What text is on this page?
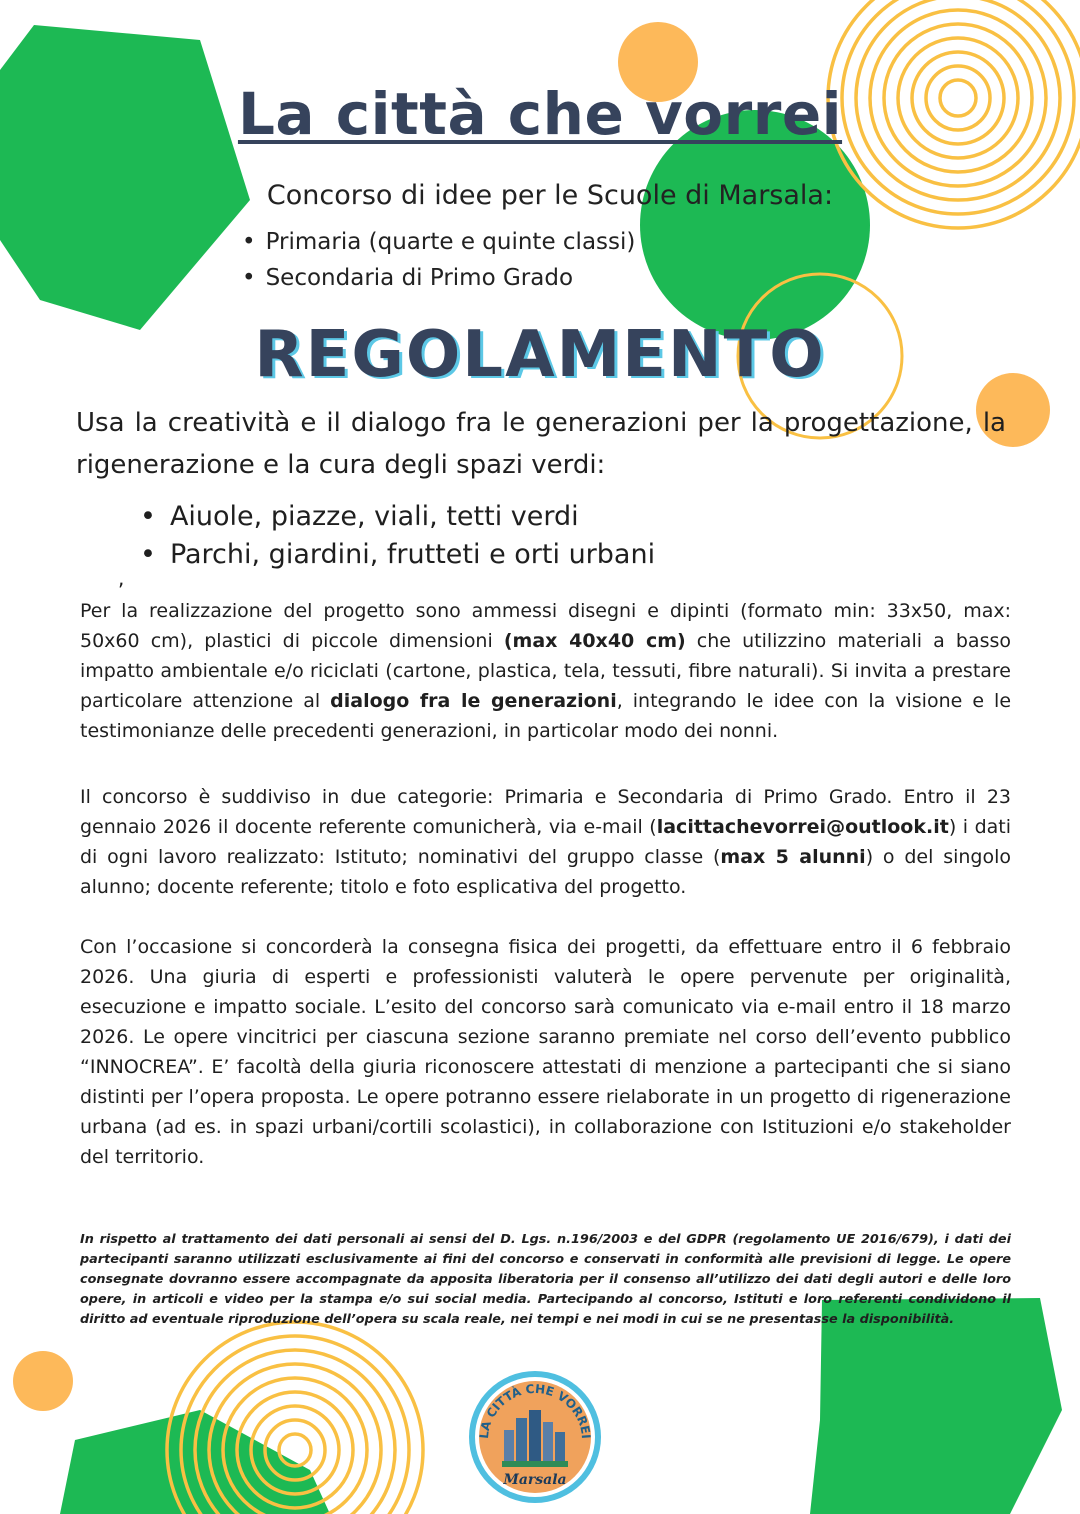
La città che vorrei

Concorso di idee per le Scuole di Marsala:

• Primaria (quarte e quinte classi)
• Secondaria di Primo Grado
REGOLAMENTO

Usa la creatività e il dialogo fra le generazioni per la progettazione, la rigenerazione e la cura degli spazi verdi:

• Aiuole, piazze, viali, tetti verdi
• Parchi, giardini, frutteti e orti urbani

,

Per la realizzazione del progetto sono ammessi disegni e dipinti (formato min: 33x50, max: 50x60 cm), plastici di piccole dimensioni (max 40x40 cm) che utilizzino materiali a basso impatto ambientale e/o riciclati (cartone, plastica, tela, tessuti, fibre naturali). Si invita a prestare particolare attenzione al dialogo fra le generazioni, integrando le idee con la visione e le testimonianze delle precedenti generazioni, in particolar modo dei nonni.

Il concorso è suddiviso in due categorie: Primaria e Secondaria di Primo Grado. Entro il 23 gennaio 2026 il docente referente comunicherà, via e-mail (lacittachevorrei@outlook.it) i dati di ogni lavoro realizzato: Istituto; nominativi del gruppo classe (max 5 alunni) o del singolo alunno; docente referente; titolo e foto esplicativa del progetto.

Con l’occasione si concorderà la consegna fisica dei progetti, da effettuare entro il 6 febbraio 2026. Una giuria di esperti e professionisti valuterà le opere pervenute per originalità, esecuzione e impatto sociale. L’esito del concorso sarà comunicato via e-mail entro il 18 marzo 2026. Le opere vincitrici per ciascuna sezione saranno premiate nel corso dell’evento pubblico “INNOCREA”. E’ facoltà della giuria riconoscere attestati di menzione a partecipanti che si siano distinti per l’opera proposta. Le opere potranno essere rielaborate in un progetto di rigenerazione urbana (ad es. in spazi urbani/cortili scolastici), in collaborazione con Istituzioni e/o stakeholder del territorio.

In rispetto al trattamento dei dati personali ai sensi del D. Lgs. n.196/2003 e del GDPR (regolamento UE 2016/679), i dati dei partecipanti saranno utilizzati esclusivamente ai fini del concorso e conservati in conformità alle previsioni di legge. Le opere consegnate dovranno essere accompagnate da apposita liberatoria per il consenso all’utilizzo dei dati degli autori e delle loro opere, in articoli e video per la stampa e/o sui social media. Partecipando al concorso, Istituti e loro referenti condividono il diritto ad eventuale riproduzione dell’opera su scala reale, nei tempi e nei modi in cui se ne presentasse la disponibilità.

LA CITTÀ CHE VORREI
Marsala
